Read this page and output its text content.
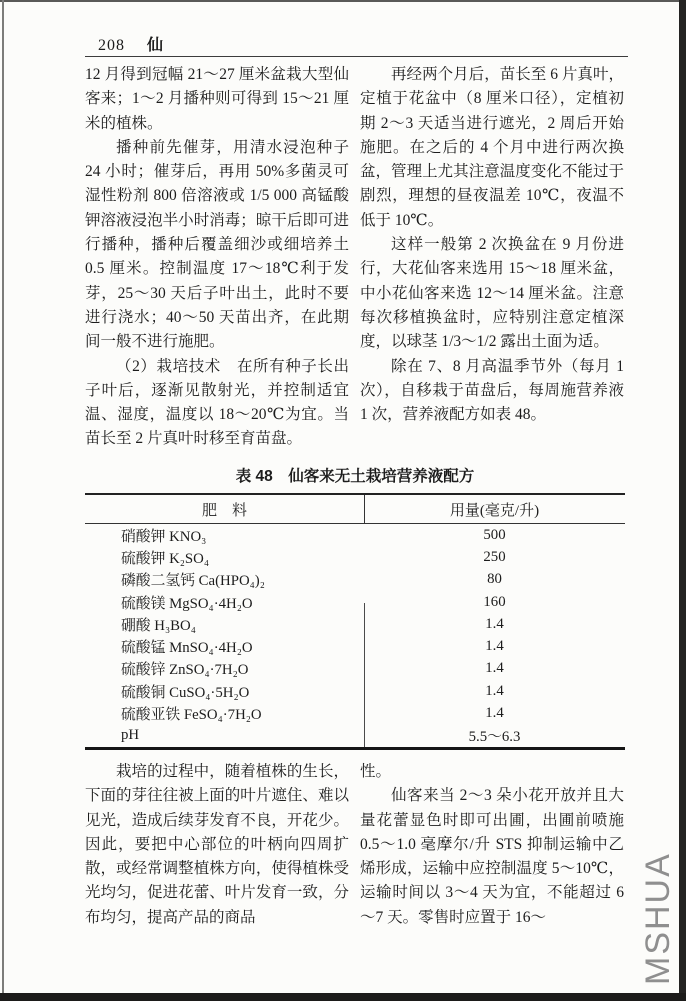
208 仙

12 月得到冠幅 21～27 厘米盆栽大型仙客来；1～2 月播种则可得到 15～21 厘米的植株。

播种前先催芽，用清水浸泡种子 24 小时；催芽后，再用 50%多菌灵可湿性粉剂 800 倍溶液或 1/5 000 高锰酸钾溶液浸泡半小时消毒；晾干后即可进行播种，播种后覆盖细沙或细培养土 0.5 厘米。控制温度 17～18℃利于发芽，25～30 天后子叶出土，此时不要进行浇水；40～50 天苗出齐，在此期间一般不进行施肥。

（2）栽培技术　在所有种子长出子叶后，逐渐见散射光，并控制适宜温、湿度，温度以 18～20℃为宜。当苗长至 2 片真叶时移至育苗盘。

再经两个月后，苗长至 6 片真叶，定植于花盆中（8 厘米口径），定植初期 2～3 天适当进行遮光，2 周后开始施肥。在之后的 4 个月中进行两次换盆，管理上尤其注意温度变化不能过于剧烈，理想的昼夜温差 10℃，夜温不低于 10℃。

这样一般第 2 次换盆在 9 月份进行，大花仙客来选用 15～18 厘米盆，中小花仙客来选 12～14 厘米盆。注意每次移植换盆时，应特别注意定植深度，以球茎 1/3～1/2 露出土面为适。

除在 7、8 月高温季节外（每月 1 次），自移栽于苗盘后，每周施营养液 1 次，营养液配方如表 48。

表 48　仙客来无土栽培营养液配方
肥　料	用量(毫克/升)
硝酸钾 KNO₃	500
硫酸钾 K₂SO₄	250
磷酸二氢钙 Ca(HPO₄)₂	80
硫酸镁 MgSO₄·4H₂O	160
硼酸 H₃BO₄	1.4
硫酸锰 MnSO₄·4H₂O	1.4
硫酸锌 ZnSO₄·7H₂O	1.4
硫酸铜 CuSO₄·5H₂O	1.4
硫酸亚铁 FeSO₄·7H₂O	1.4
pH	5.5～6.3

栽培的过程中，随着植株的生长，下面的芽往往被上面的叶片遮住、难以见光，造成后续芽发育不良，开花少。因此，要把中心部位的叶柄向四周扩散，或经常调整植株方向，使得植株受光均匀，促进花蕾、叶片发育一致，分布均匀，提高产品的商品

性。

仙客来当 2～3 朵小花开放并且大量花蕾显色时即可出圃，出圃前喷施 0.5～1.0 毫摩尔/升 STS 抑制运输中乙烯形成，运输中应控制温度 5～10℃，运输时间以 3～4 天为宜，不能超过 6～7 天。零售时应置于 16～	MSHUA
